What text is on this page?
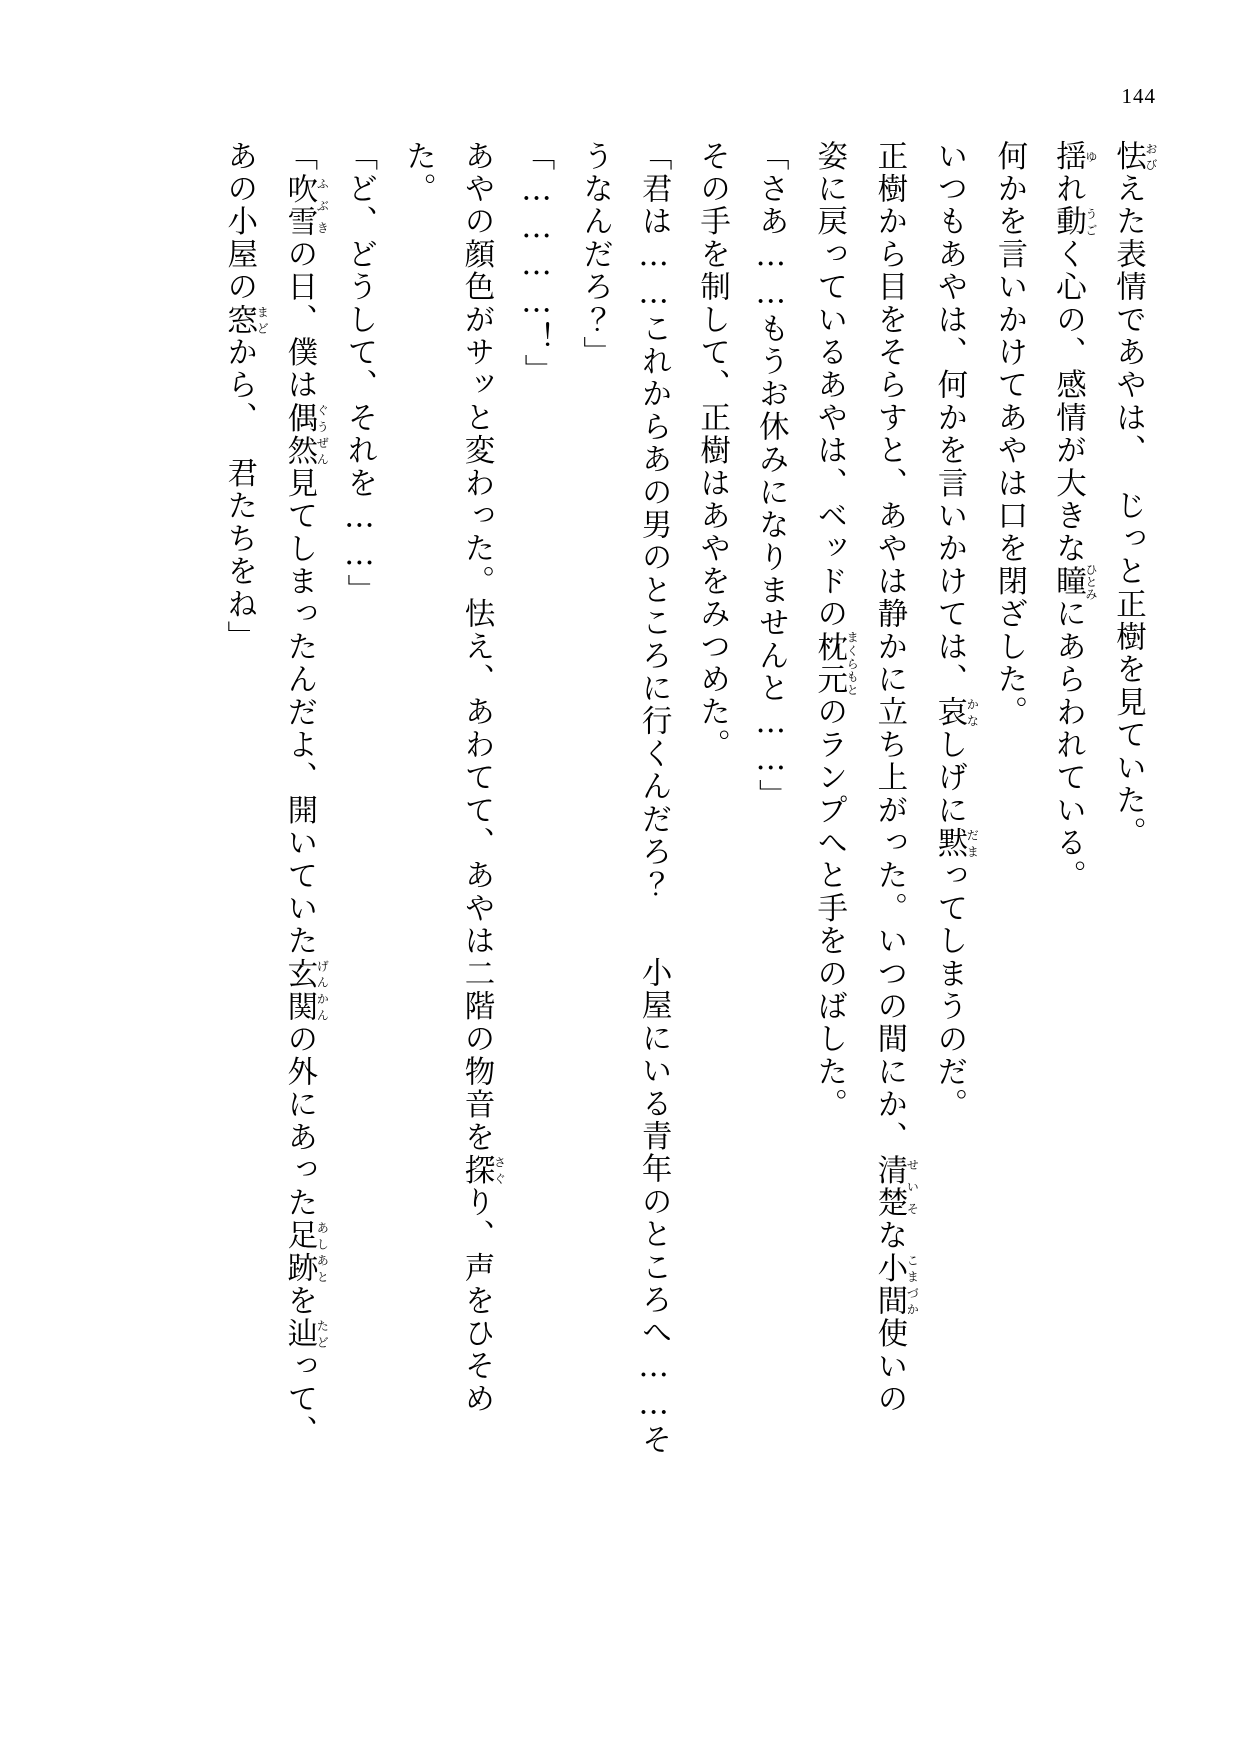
144

怯おびえた表情であやは、じっと正樹を見ていた。

揺ゆれ動うごく心の、感情が大きな瞳ひとみにあらわれている。

何かを言いかけてあやは口を閉ざした。

いつもあやは、何かを言いかけては、哀かなしげに黙だまってしまうのだ。

正樹から目をそらすと、あやは静かに立ち上がった。いつの間にか、清楚せいそな小間こまづか使いの

姿に戻っているあやは、ベッドの枕元まくらもとのランプへと手をのばした。

「さあ……もうお休みになりませんと……」

その手を制して、正樹はあやをみつめた。

「君は……これからあの男のところに行くんだろ？　小屋にいる青年のところへ……そ

うなんだろ？」

「…………！」

あやの顔色がサッと変わった。怯え、あわてて、あやは二階の物音を探さぐり、声をひそめ

た。

「ど、どうして、それを……」

「吹雪ふぶきの日、僕は偶然ぐうぜん見てしまったんだよ、開いていた玄関げんかんの外にあった足跡あしあとを辿たどって、

あの小屋の窓まどから、君たちをね」
